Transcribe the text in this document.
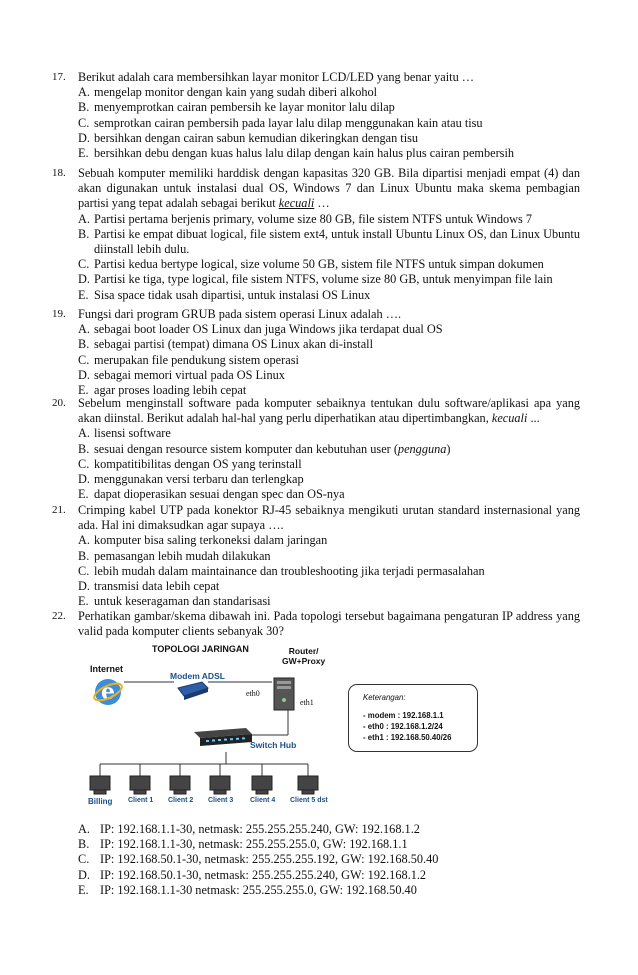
17. Berikut adalah cara membersihkan layar monitor LCD/LED yang benar yaitu …
A. mengelap monitor dengan kain yang sudah diberi alkohol
B. menyemprotkan cairan pembersih ke layar monitor lalu dilap
C. semprotkan cairan pembersih pada layar lalu dilap menggunakan kain atau tisu
D. bersihkan dengan cairan sabun kemudian dikeringkan dengan tisu
E. bersihkan debu dengan kuas halus lalu dilap dengan kain halus plus cairan pembersih
18. Sebuah komputer memiliki harddisk dengan kapasitas 320 GB. Bila dipartisi menjadi empat (4) dan akan digunakan untuk instalasi dual OS, Windows 7 dan Linux Ubuntu maka skema pembagian partisi yang tepat adalah sebagai berikut kecuali …
A. Partisi pertama berjenis primary, volume size 80 GB, file sistem NTFS untuk Windows 7
B. Partisi ke empat dibuat logical, file sistem ext4, untuk install Ubuntu Linux OS, dan Linux Ubuntu diinstall lebih dulu.
C. Partisi kedua bertype logical, size volume 50 GB, sistem file NTFS untuk simpan dokumen
D. Partisi ke tiga, type logical, file sistem NTFS, volume size 80 GB, untuk menyimpan file lain
E. Sisa space tidak usah dipartisi, untuk instalasi OS Linux
19. Fungsi dari program GRUB pada sistem operasi Linux adalah ….
A. sebagai boot loader OS Linux dan juga Windows jika terdapat dual OS
B. sebagai partisi (tempat) dimana OS Linux akan di-install
C. merupakan file pendukung sistem operasi
D. sebagai memori virtual pada OS Linux
E. agar proses loading lebih cepat
20. Sebelum menginstall software pada komputer sebaiknya tentukan dulu software/aplikasi apa yang akan diinstal. Berikut adalah hal-hal yang perlu diperhatikan atau dipertimbangkan, kecuali ...
A. lisensi software
B. sesuai dengan resource sistem komputer dan kebutuhan user (pengguna)
C. kompatitibilitas dengan OS yang terinstall
D. menggunakan versi terbaru dan terlengkap
E. dapat dioperasikan sesuai dengan spec dan OS-nya
21. Crimping kabel UTP pada konektor RJ-45 sebaiknya mengikuti urutan standard insternasional yang ada. Hal ini dimaksudkan agar supaya ….
A. komputer bisa saling terkoneksi dalam jaringan
B. pemasangan lebih mudah dilakukan
C. lebih mudah dalam maintainance dan troubleshooting jika terjadi permasalahan
D. transmisi data lebih cepat
E. untuk keseragaman dan standarisasi
22. Perhatikan gambar/skema dibawah ini. Pada topologi tersebut bagaimana pengaturan IP address yang valid pada komputer clients sebanyak 30?
TOPOLOGI JARINGAN
Internet
e
Modem ADSL
Router/
GW+Proxy
eth0
eth1
Switch Hub
Billing Client 1 Client 2 Client 3 Client 4 Client 5 dst
Keterangan:
- modem : 192.168.1.1
- eth0 : 192.168.1.2/24
- eth1 : 192.168.50.40/26
A. IP: 192.168.1.1-30, netmask: 255.255.255.240, GW: 192.168.1.2
B. IP: 192.168.1.1-30, netmask: 255.255.255.0, GW: 192.168.1.1
C. IP: 192.168.50.1-30, netmask: 255.255.255.192, GW: 192.168.50.40
D. IP: 192.168.50.1-30, netmask: 255.255.255.240, GW: 192.168.1.2
E. IP: 192.168.1.1-30 netmask: 255.255.255.0, GW: 192.168.50.40
